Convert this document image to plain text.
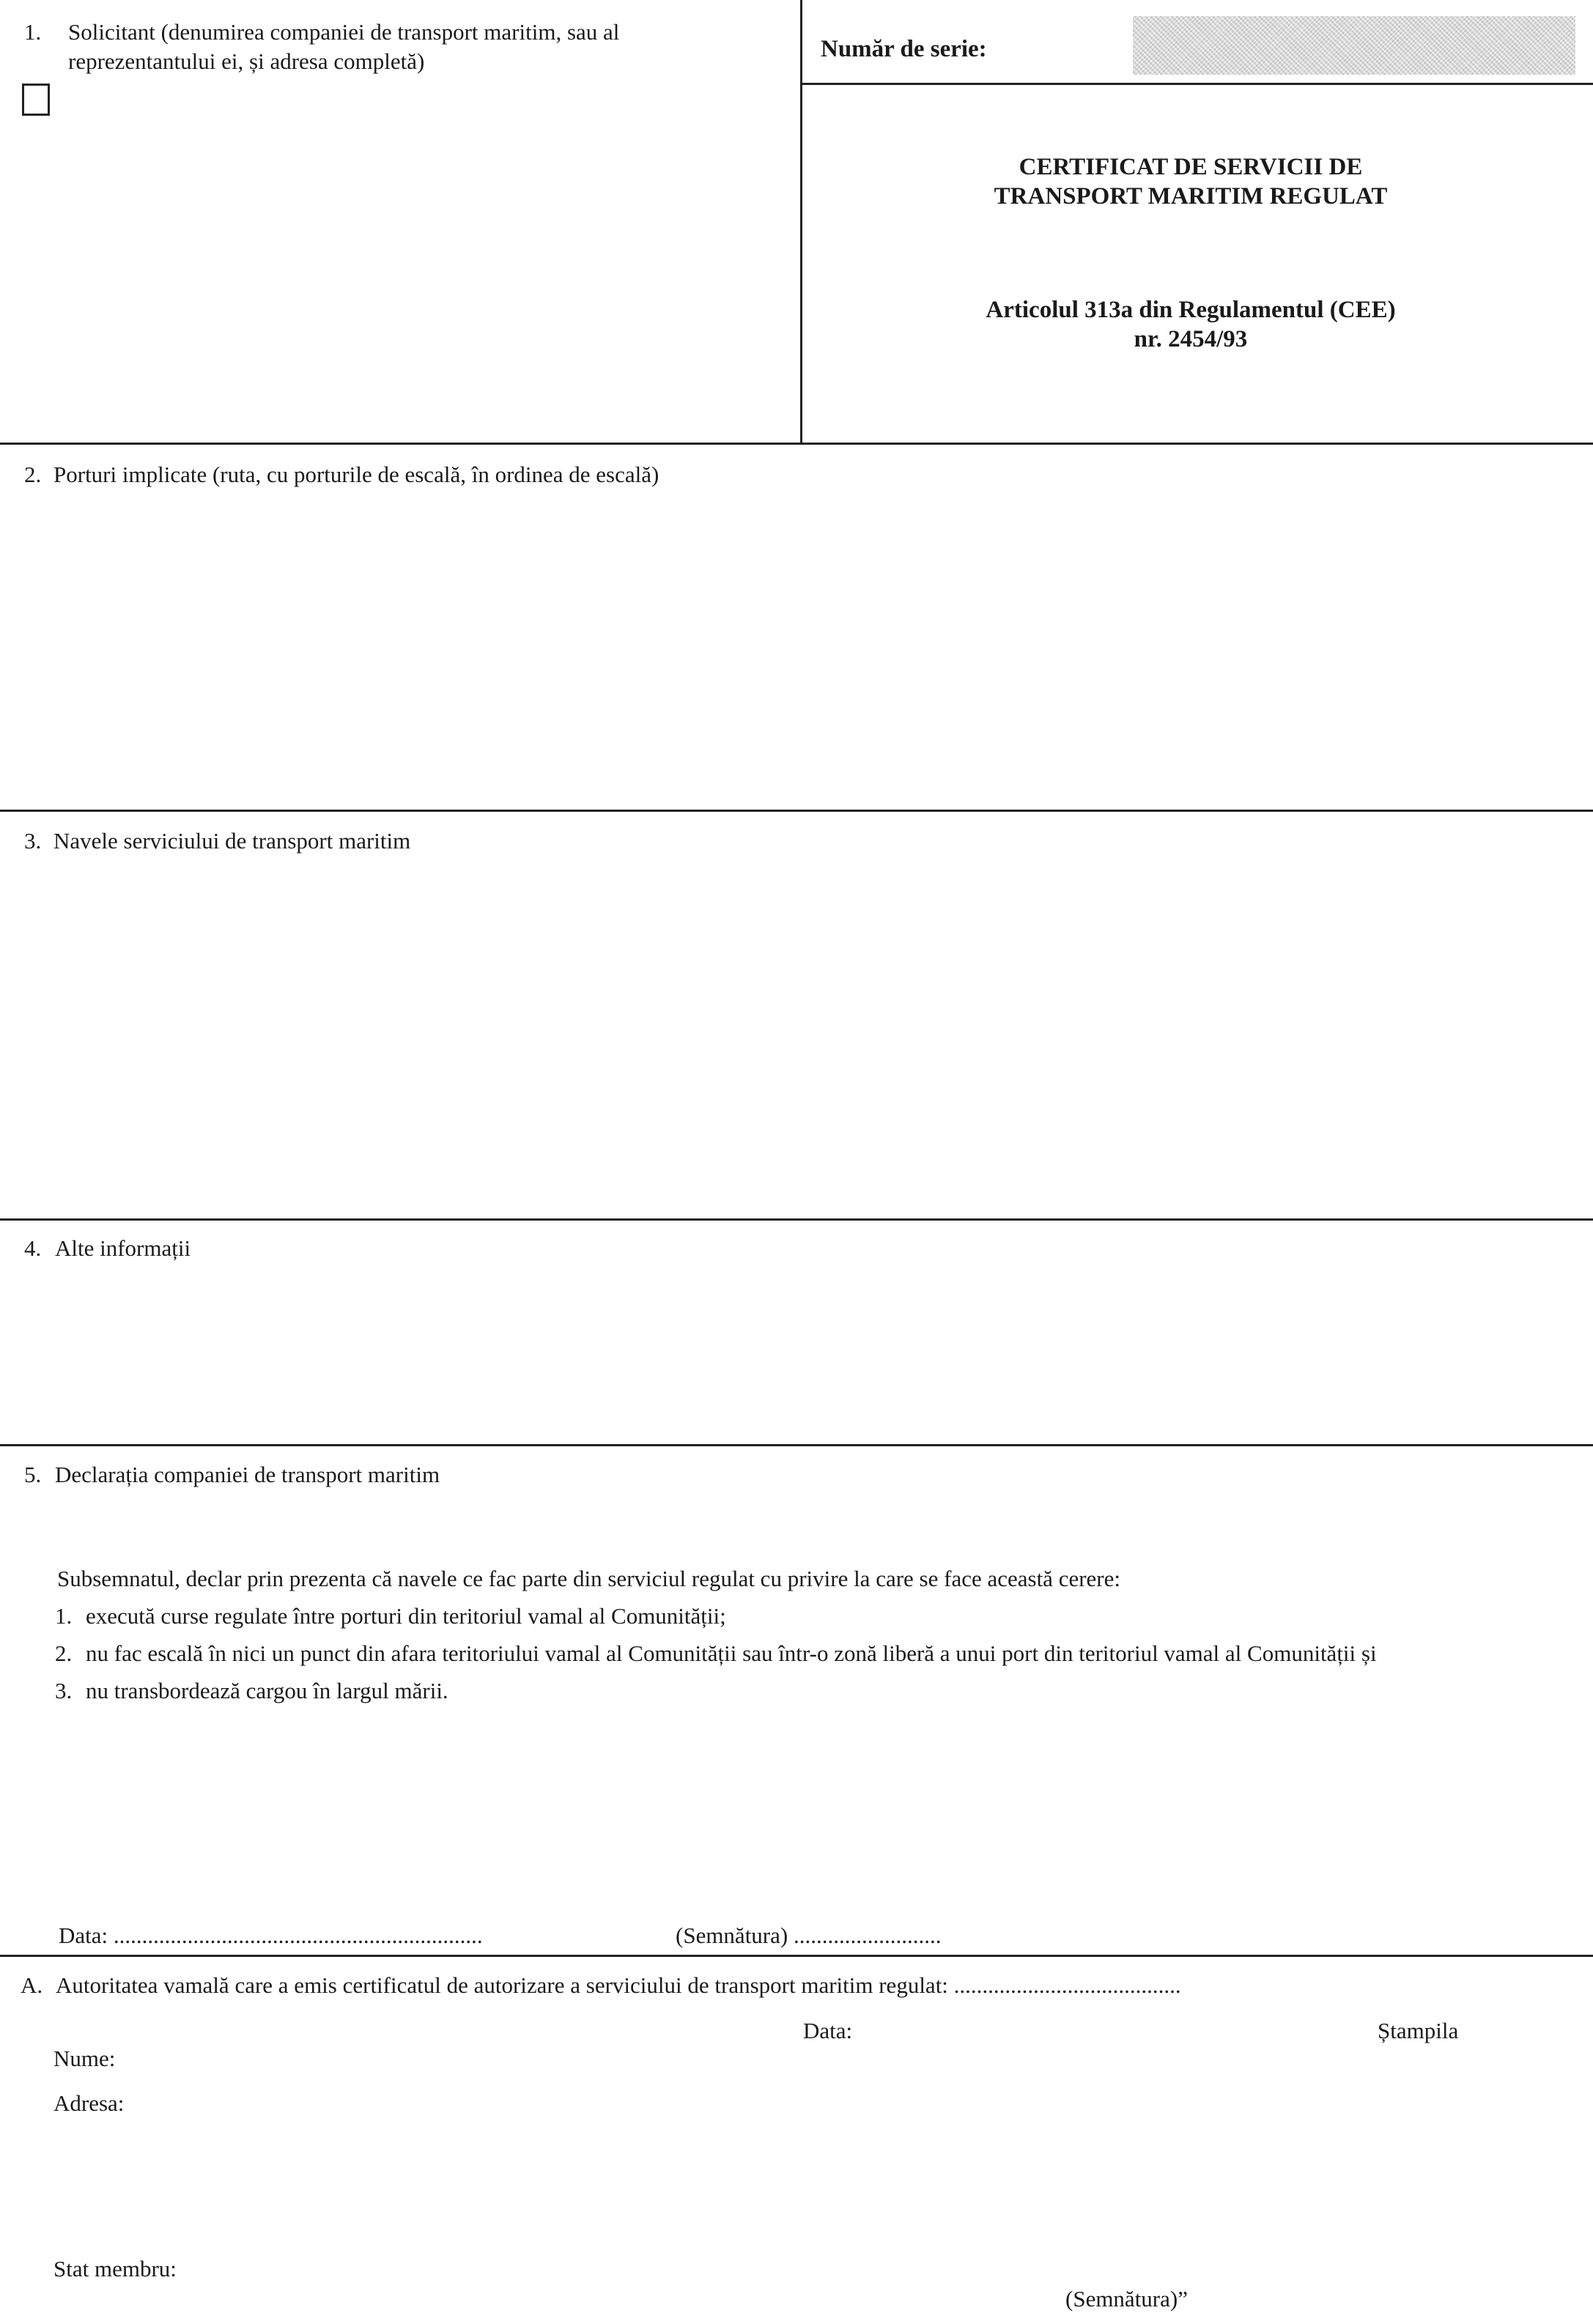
1. Solicitant (denumirea companiei de transport maritim, sau al
reprezentantului ei, și adresa completă)	Număr de serie:
CERTIFICAT DE SERVICII DE
TRANSPORT MARITIM REGULAT
Articolul 313a din Regulamentul (CEE)
nr. 2454/93
2. Porturi implicate (ruta, cu porturile de escală, în ordinea de escală)
3. Navele serviciului de transport maritim
4. Alte informații
5. Declarația companiei de transport maritim
Subsemnatul, declar prin prezenta că navele ce fac parte din serviciul regulat cu privire la care se face această cerere:
1. execută curse regulate între porturi din teritoriul vamal al Comunității;
2. nu fac escală în nici un punct din afara teritoriului vamal al Comunității sau într-o zonă liberă a unui port din teritoriul vamal al Comunității și
3. nu transbordează cargou în largul mării.
Data: .................................................................	(Semnătura) ..........................
A. Autoritatea vamală care a emis certificatul de autorizare a serviciului de transport maritim regulat: ........................................
Data:	Ștampila
Nume:
Adresa:
Stat membru:
(Semnătura)”
